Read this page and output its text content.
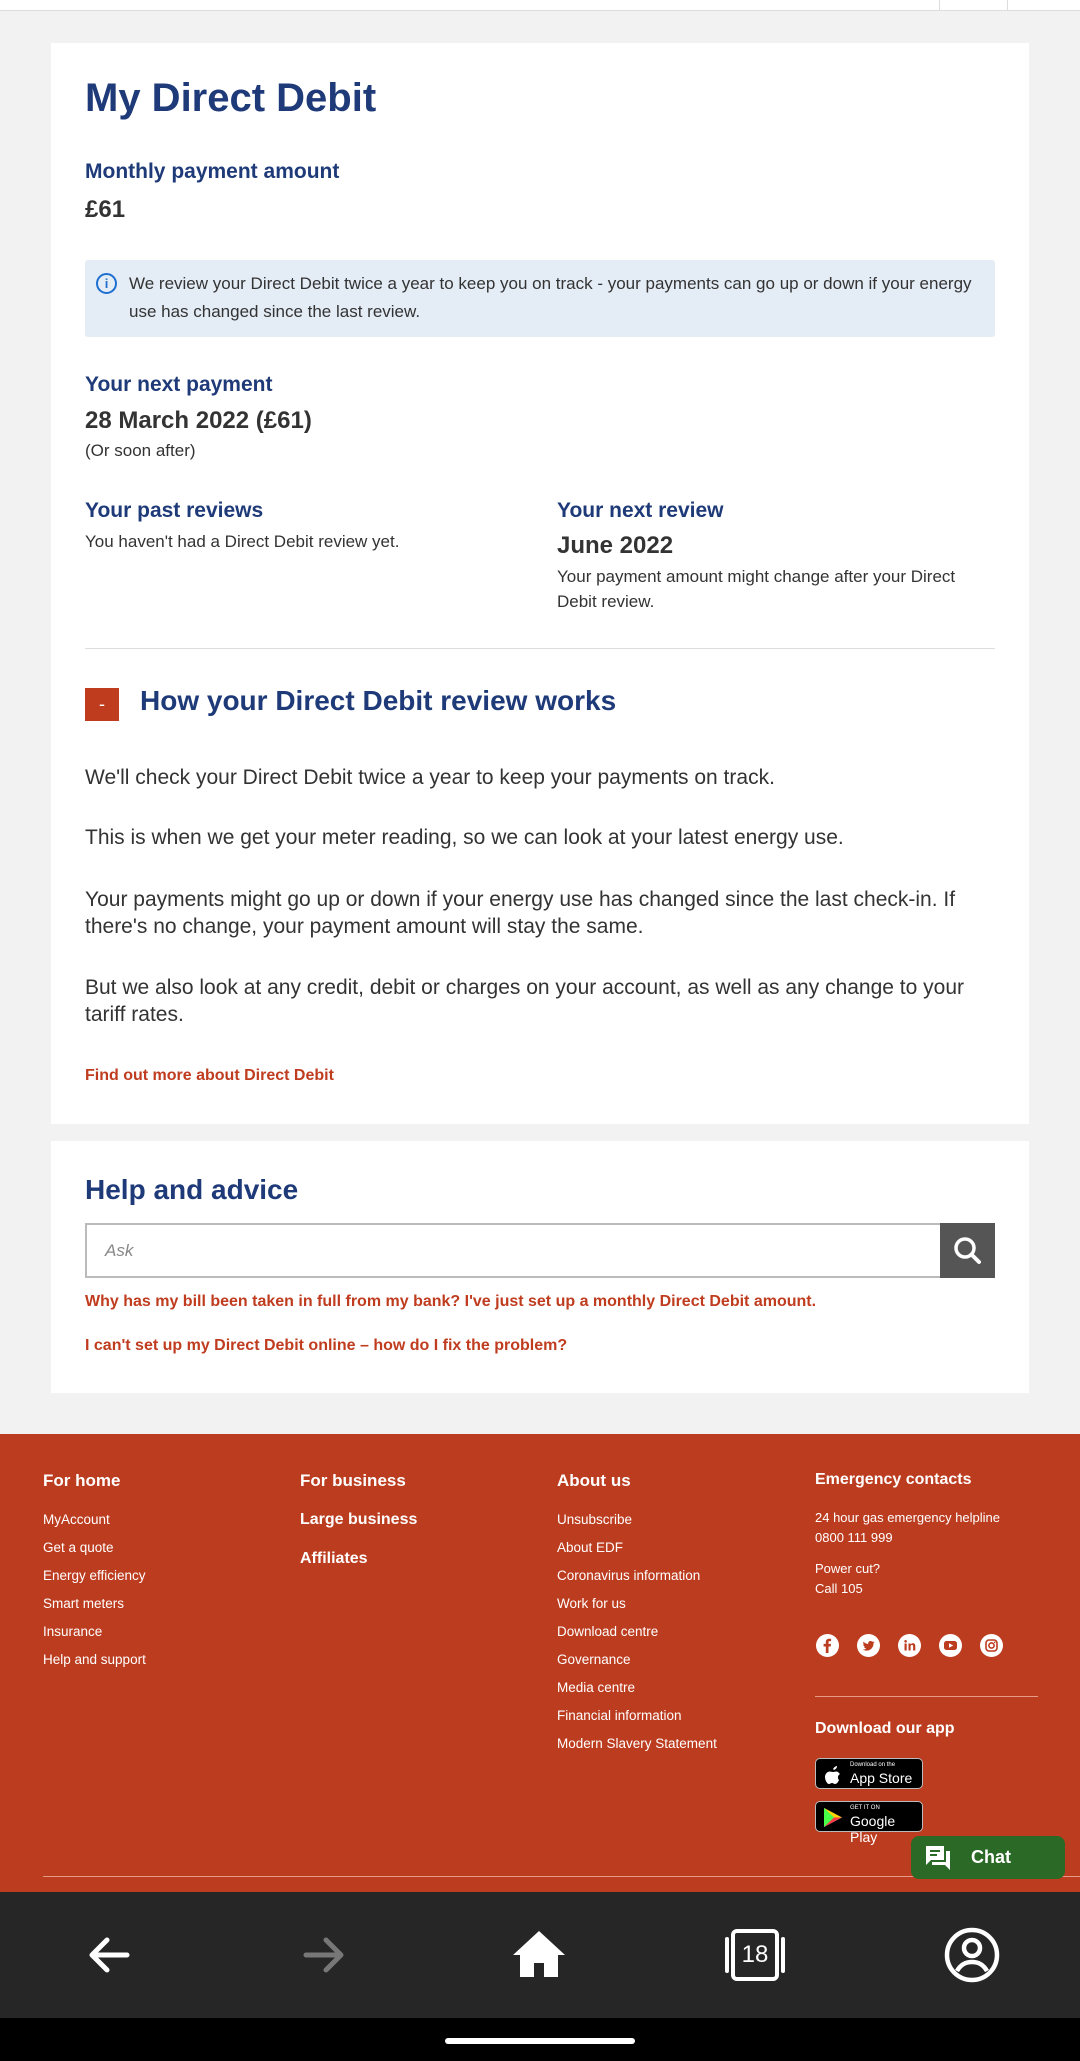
My Direct Debit
Monthly payment amount
£61
i	We review your Direct Debit twice a year to keep you on track - your payments can go up or down if your energy use has changed since the last review.
Your next payment
28 March 2022 (£61)
(Or soon after)
Your past reviews
You haven't had a Direct Debit review yet.
Your next review
June 2022
Your payment amount might change after your Direct Debit review.
-	How your Direct Debit review works
We'll check your Direct Debit twice a year to keep your payments on track.
This is when we get your meter reading, so we can look at your latest energy use.
Your payments might go up or down if your energy use has changed since the last check-in. If there's no change, your payment amount will stay the same.
But we also look at any credit, debit or charges on your account, as well as any change to your tariff rates.
Find out more about Direct Debit
Help and advice
Ask
Why has my bill been taken in full from my bank? I've just set up a monthly Direct Debit amount.
I can't set up my Direct Debit online – how do I fix the problem?
For home
MyAccount
Get a quote
Energy efficiency
Smart meters
Insurance
Help and support
For business
Large business
Affiliates
About us
Unsubscribe
About EDF
Coronavirus information
Work for us
Download centre
Governance
Media centre
Financial information
Modern Slavery Statement
Emergency contacts
24 hour gas emergency helpline
0800 111 999
Power cut?
Call 105
Download our app
Download on the
App Store
GET IT ON
Google Play
Chat
18
